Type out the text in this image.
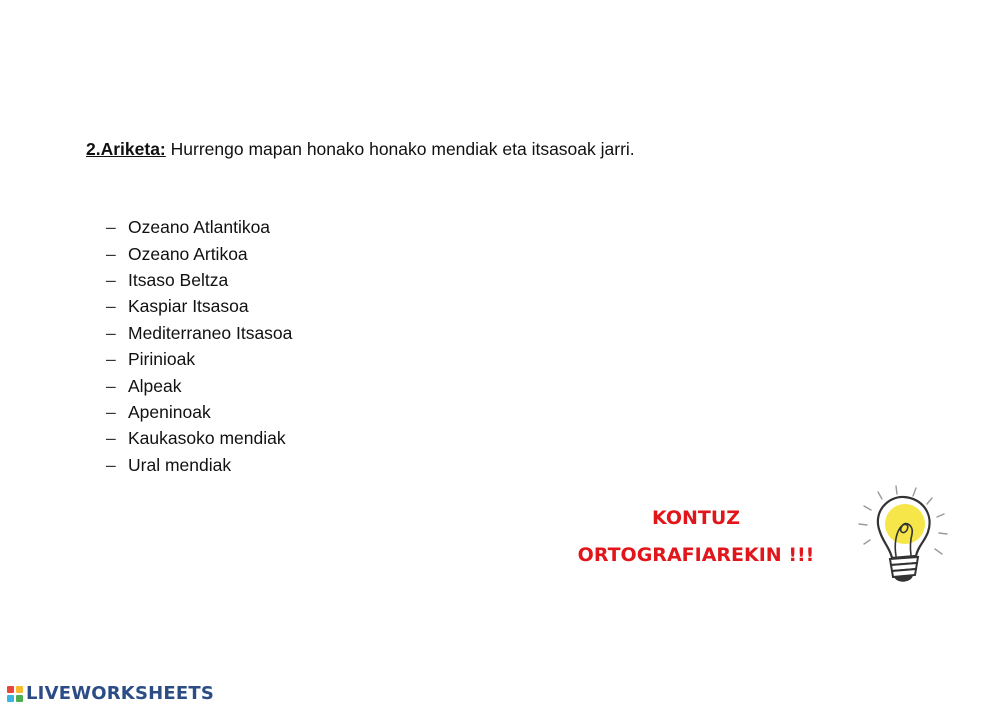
2.Ariketa: Hurrengo mapan honako honako mendiak eta itsasoak jarri.
– Ozeano Atlantikoa
– Ozeano Artikoa
– Itsaso Beltza
– Kaspiar Itsasoa
– Mediterraneo Itsasoa
– Pirinioak
– Alpeak
– Apeninoak
– Kaukasoko mendiak
– Ural mendiak
KONTUZ
ORTOGRAFIAREKIN !!!
LIVEWORKSHEETS
